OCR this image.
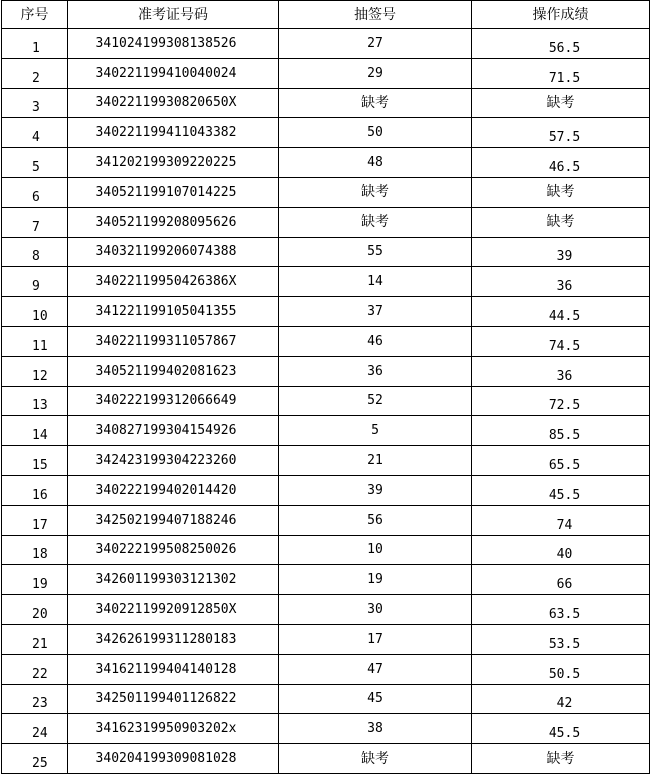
序号	准考证号码	抽签号	操作成绩
1	341024199308138526	27	56.5
2	340221199410040024	29	71.5
3	34022119930820650X	缺考	缺考
4	340221199411043382	50	57.5
5	341202199309220225	48	46.5
6	340521199107014225	缺考	缺考
7	340521199208095626	缺考	缺考
8	340321199206074388	55	39
9	34022119950426386X	14	36
10	341221199105041355	37	44.5
11	340221199311057867	46	74.5
12	340521199402081623	36	36
13	340222199312066649	52	72.5
14	340827199304154926	5	85.5
15	342423199304223260	21	65.5
16	340222199402014420	39	45.5
17	342502199407188246	56	74
18	340222199508250026	10	40
19	342601199303121302	19	66
20	34022119920912850X	30	63.5
21	342626199311280183	17	53.5
22	341621199404140128	47	50.5
23	342501199401126822	45	42
24	34162319950903202x	38	45.5
25	340204199309081028	缺考	缺考
